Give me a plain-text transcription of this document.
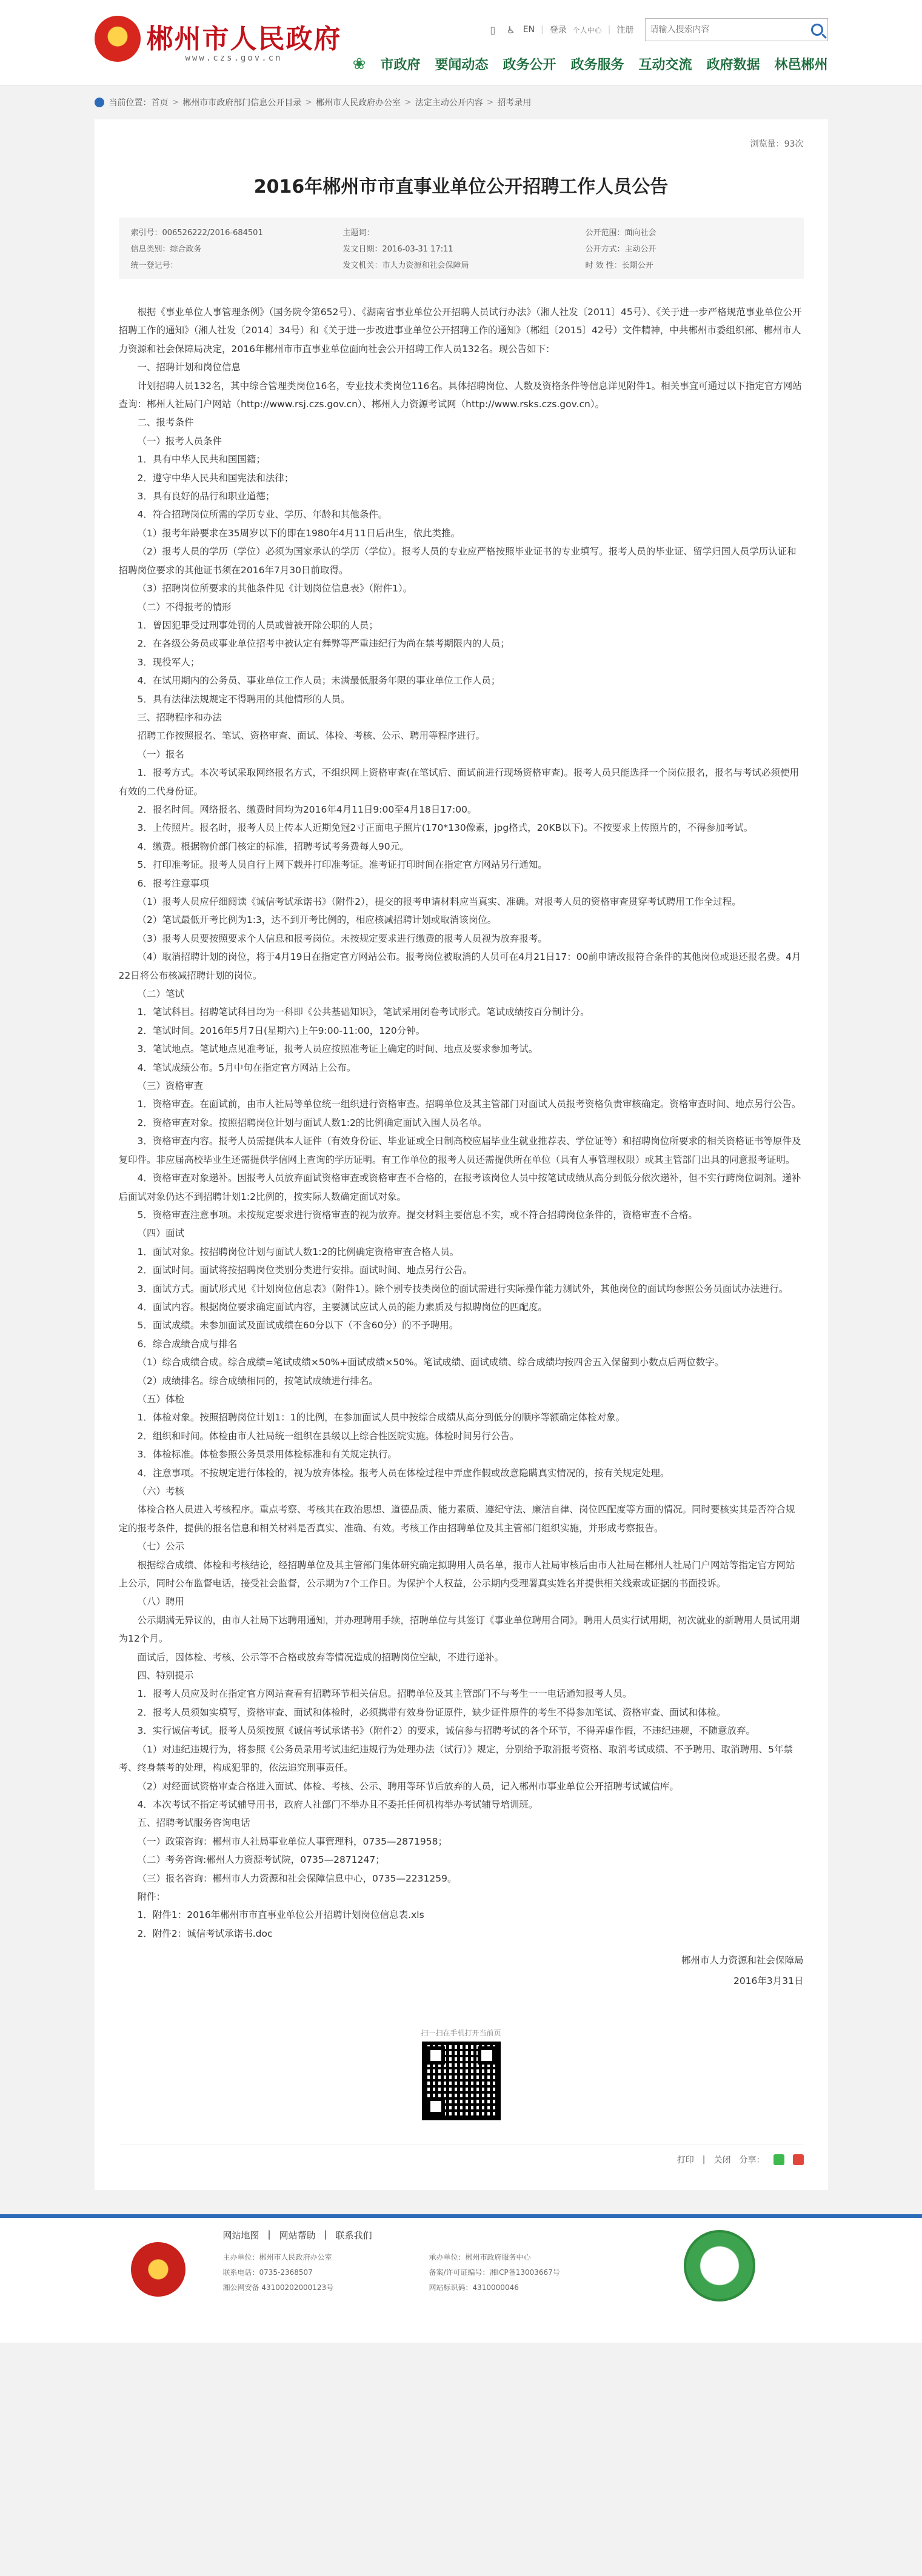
★
郴州市人民政府
www.czs.gov.cn
▯	♿ EN | 登录 个人中心 | 注册
请输入搜索内容
❀ 市政府 要闻动态 政务公开 政务服务 互动交流 政府数据 林邑郴州
当前位置： 首页 > 郴州市市政府部门信息公开目录 > 郴州市人民政府办公室 > 法定主动公开内容 > 招考录用
浏览量：93次
2016年郴州市市直事业单位公开招聘工作人员公告
索引号：006526222/2016-684501	主题词：	公开范围：面向社会
信息类别：综合政务	发文日期：2016-03-31 17:11	公开方式：主动公开
统一登记号：	发文机关：市人力资源和社会保障局	时 效 性：长期公开

根据《事业单位人事管理条例》（国务院令第652号）、《湖南省事业单位公开招聘人员试行办法》（湘人社发〔2011〕45号）、《关于进一步严格规范事业单位公开招聘工作的通知》（湘人社发〔2014〕34号）和《关于进一步改进事业单位公开招聘工作的通知》（郴组〔2015〕42号）文件精神，中共郴州市委组织部、郴州市人力资源和社会保障局决定，2016年郴州市市直事业单位面向社会公开招聘工作人员132名。现公告如下：

一、招聘计划和岗位信息

计划招聘人员132名，其中综合管理类岗位16名，专业技术类岗位116名。具体招聘岗位、人数及资格条件等信息详见附件1。相关事宜可通过以下指定官方网站查询：郴州人社局门户网站（http://www.rsj.czs.gov.cn）、郴州人力资源考试网（http://www.rsks.czs.gov.cn）。

二、报考条件

（一）报考人员条件

1．具有中华人民共和国国籍；

2．遵守中华人民共和国宪法和法律；

3．具有良好的品行和职业道德；

4．符合招聘岗位所需的学历专业、学历、年龄和其他条件。

（1）报考年龄要求在35周岁以下的即在1980年4月11日后出生，依此类推。

（2）报考人员的学历（学位）必须为国家承认的学历（学位）。报考人员的专业应严格按照毕业证书的专业填写。报考人员的毕业证、留学归国人员学历认证和招聘岗位要求的其他证书须在2016年7月30日前取得。

（3）招聘岗位所要求的其他条件见《计划岗位信息表》（附件1）。

（二）不得报考的情形

1．曾因犯罪受过刑事处罚的人员或曾被开除公职的人员；

2．在各级公务员或事业单位招考中被认定有舞弊等严重违纪行为尚在禁考期限内的人员；

3．现役军人；

4．在试用期内的公务员、事业单位工作人员；未满最低服务年限的事业单位工作人员；

5．具有法律法规规定不得聘用的其他情形的人员。

三、招聘程序和办法

招聘工作按照报名、笔试、资格审查、面试、体检、考核、公示、聘用等程序进行。

（一）报名

1．报考方式。本次考试采取网络报名方式，不组织网上资格审查(在笔试后、面试前进行现场资格审查)。报考人员只能选择一个岗位报名，报名与考试必须使用有效的二代身份证。

2．报名时间。网络报名、缴费时间均为2016年4月11日9:00至4月18日17:00。

3．上传照片。报名时，报考人员上传本人近期免冠2寸正面电子照片(170*130像素，jpg格式，20KB以下)。不按要求上传照片的，不得参加考试。

4．缴费。根据物价部门核定的标准，招聘考试考务费每人90元。

5．打印准考证。报考人员自行上网下载并打印准考证。准考证打印时间在指定官方网站另行通知。

6．报考注意事项

（1）报考人员应仔细阅读《诚信考试承诺书》（附件2），提交的报考申请材料应当真实、准确。对报考人员的资格审查贯穿考试聘用工作全过程。

（2）笔试最低开考比例为1:3，达不到开考比例的，相应核减招聘计划或取消该岗位。

（3）报考人员要按照要求个人信息和报考岗位。未按规定要求进行缴费的报考人员视为放弃报考。

（4）取消招聘计划的岗位，将于4月19日在指定官方网站公布。报考岗位被取消的人员可在4月21日17：00前申请改报符合条件的其他岗位或退还报名费。4月22日将公布核减招聘计划的岗位。

（二）笔试

1．笔试科目。招聘笔试科目均为一科即《公共基础知识》，笔试采用闭卷考试形式。笔试成绩按百分制计分。

2．笔试时间。2016年5月7日(星期六)上午9:00-11:00，120分钟。

3．笔试地点。笔试地点见准考证，报考人员应按照准考证上确定的时间、地点及要求参加考试。

4．笔试成绩公布。5月中旬在指定官方网站上公布。

（三）资格审查

1．资格审查。在面试前，由市人社局等单位统一组织进行资格审查。招聘单位及其主管部门对面试人员报考资格负责审核确定。资格审查时间、地点另行公告。

2．资格审查对象。按照招聘岗位计划与面试人数1:2的比例确定面试入围人员名单。

3．资格审查内容。报考人员需提供本人证件（有效身份证、毕业证或全日制高校应届毕业生就业推荐表、学位证等）和招聘岗位所要求的相关资格证书等原件及复印件。非应届高校毕业生还需提供学信网上查询的学历证明。有工作单位的报考人员还需提供所在单位（具有人事管理权限）或其主管部门出具的同意报考证明。

4．资格审查对象递补。因报考人员放弃面试资格审查或资格审查不合格的，在报考该岗位人员中按笔试成绩从高分到低分依次递补，但不实行跨岗位调剂。递补后面试对象仍达不到招聘计划1:2比例的，按实际人数确定面试对象。

5．资格审查注意事项。未按规定要求进行资格审查的视为放弃。提交材料主要信息不实，或不符合招聘岗位条件的，资格审查不合格。

（四）面试

1．面试对象。按招聘岗位计划与面试人数1:2的比例确定资格审查合格人员。

2．面试时间。面试将按招聘岗位类别分类进行安排。面试时间、地点另行公告。

3．面试方式。面试形式见《计划岗位信息表》（附件1）。除个别专技类岗位的面试需进行实际操作能力测试外，其他岗位的面试均参照公务员面试办法进行。

4．面试内容。根据岗位要求确定面试内容，主要测试应试人员的能力素质及与拟聘岗位的匹配度。

5．面试成绩。未参加面试及面试成绩在60分以下（不含60分）的不予聘用。

6．综合成绩合成与排名

（1）综合成绩合成。综合成绩=笔试成绩×50%+面试成绩×50%。笔试成绩、面试成绩、综合成绩均按四舍五入保留到小数点后两位数字。

（2）成绩排名。综合成绩相同的，按笔试成绩进行排名。

（五）体检

1．体检对象。按照招聘岗位计划1：1的比例，在参加面试人员中按综合成绩从高分到低分的顺序等额确定体检对象。

2．组织和时间。体检由市人社局统一组织在县级以上综合性医院实施。体检时间另行公告。

3．体检标准。体检参照公务员录用体检标准和有关规定执行。

4．注意事项。不按规定进行体检的，视为放弃体检。报考人员在体检过程中弄虚作假或故意隐瞒真实情况的，按有关规定处理。

（六）考核

体检合格人员进入考核程序。重点考察、考核其在政治思想、道德品质、能力素质、遵纪守法、廉洁自律、岗位匹配度等方面的情况。同时要核实其是否符合规定的报考条件，提供的报名信息和相关材料是否真实、准确、有效。考核工作由招聘单位及其主管部门组织实施，并形成考察报告。

（七）公示

根据综合成绩、体检和考核结论，经招聘单位及其主管部门集体研究确定拟聘用人员名单，报市人社局审核后由市人社局在郴州人社局门户网站等指定官方网站上公示，同时公布监督电话，接受社会监督，公示期为7个工作日。为保护个人权益，公示期内受理署真实姓名并提供相关线索或证据的书面投诉。

（八）聘用

公示期满无异议的，由市人社局下达聘用通知，并办理聘用手续，招聘单位与其签订《事业单位聘用合同》。聘用人员实行试用期，初次就业的新聘用人员试用期为12个月。

面试后，因体检、考核、公示等不合格或放弃等情况造成的招聘岗位空缺，不进行递补。

四、特别提示

1．报考人员应及时在指定官方网站查看有招聘环节相关信息。招聘单位及其主管部门不与考生一一电话通知报考人员。

2．报考人员须如实填写，资格审查、面试和体检时，必须携带有效身份证原件，缺少证件原件的考生不得参加笔试、资格审查、面试和体检。

3．实行诚信考试。报考人员须按照《诚信考试承诺书》（附件2）的要求，诚信参与招聘考试的各个环节，不得弄虚作假，不违纪违规，不随意放弃。

（1）对违纪违规行为，将参照《公务员录用考试违纪违规行为处理办法（试行）》规定，分别给予取消报考资格、取消考试成绩、不予聘用、取消聘用、5年禁考、终身禁考的处理，构成犯罪的，依法追究刑事责任。

（2）对经面试资格审查合格进入面试、体检、考核、公示、聘用等环节后放弃的人员，记入郴州市事业单位公开招聘考试诚信库。

4．本次考试不指定考试辅导用书，政府人社部门不举办且不委托任何机构举办考试辅导培训班。

五、招聘考试服务咨询电话

（一）政策咨询：郴州市人社局事业单位人事管理科，0735—2871958；

（二）考务咨询:郴州人力资源考试院，0735—2871247；

（三）报名咨询：郴州市人力资源和社会保障信息中心，0735—2231259。

附件：

1．附件1：2016年郴州市市直事业单位公开招聘计划岗位信息表.xls

2．附件2：诚信考试承诺书.doc

郴州市人力资源和社会保障局
2016年3月31日
扫一扫在手机打开当前页
打印 | 关闭 分享：
网站地图 | 网站帮助 | 联系我们
主办单位：郴州市人民政府办公室	承办单位：郴州市政府服务中心
联系电话：0735-2368507	备案/许可证编号：湘ICP备13003667号
湘公网安备 43100202000123号	网站标识码：4310000046
政府网站
